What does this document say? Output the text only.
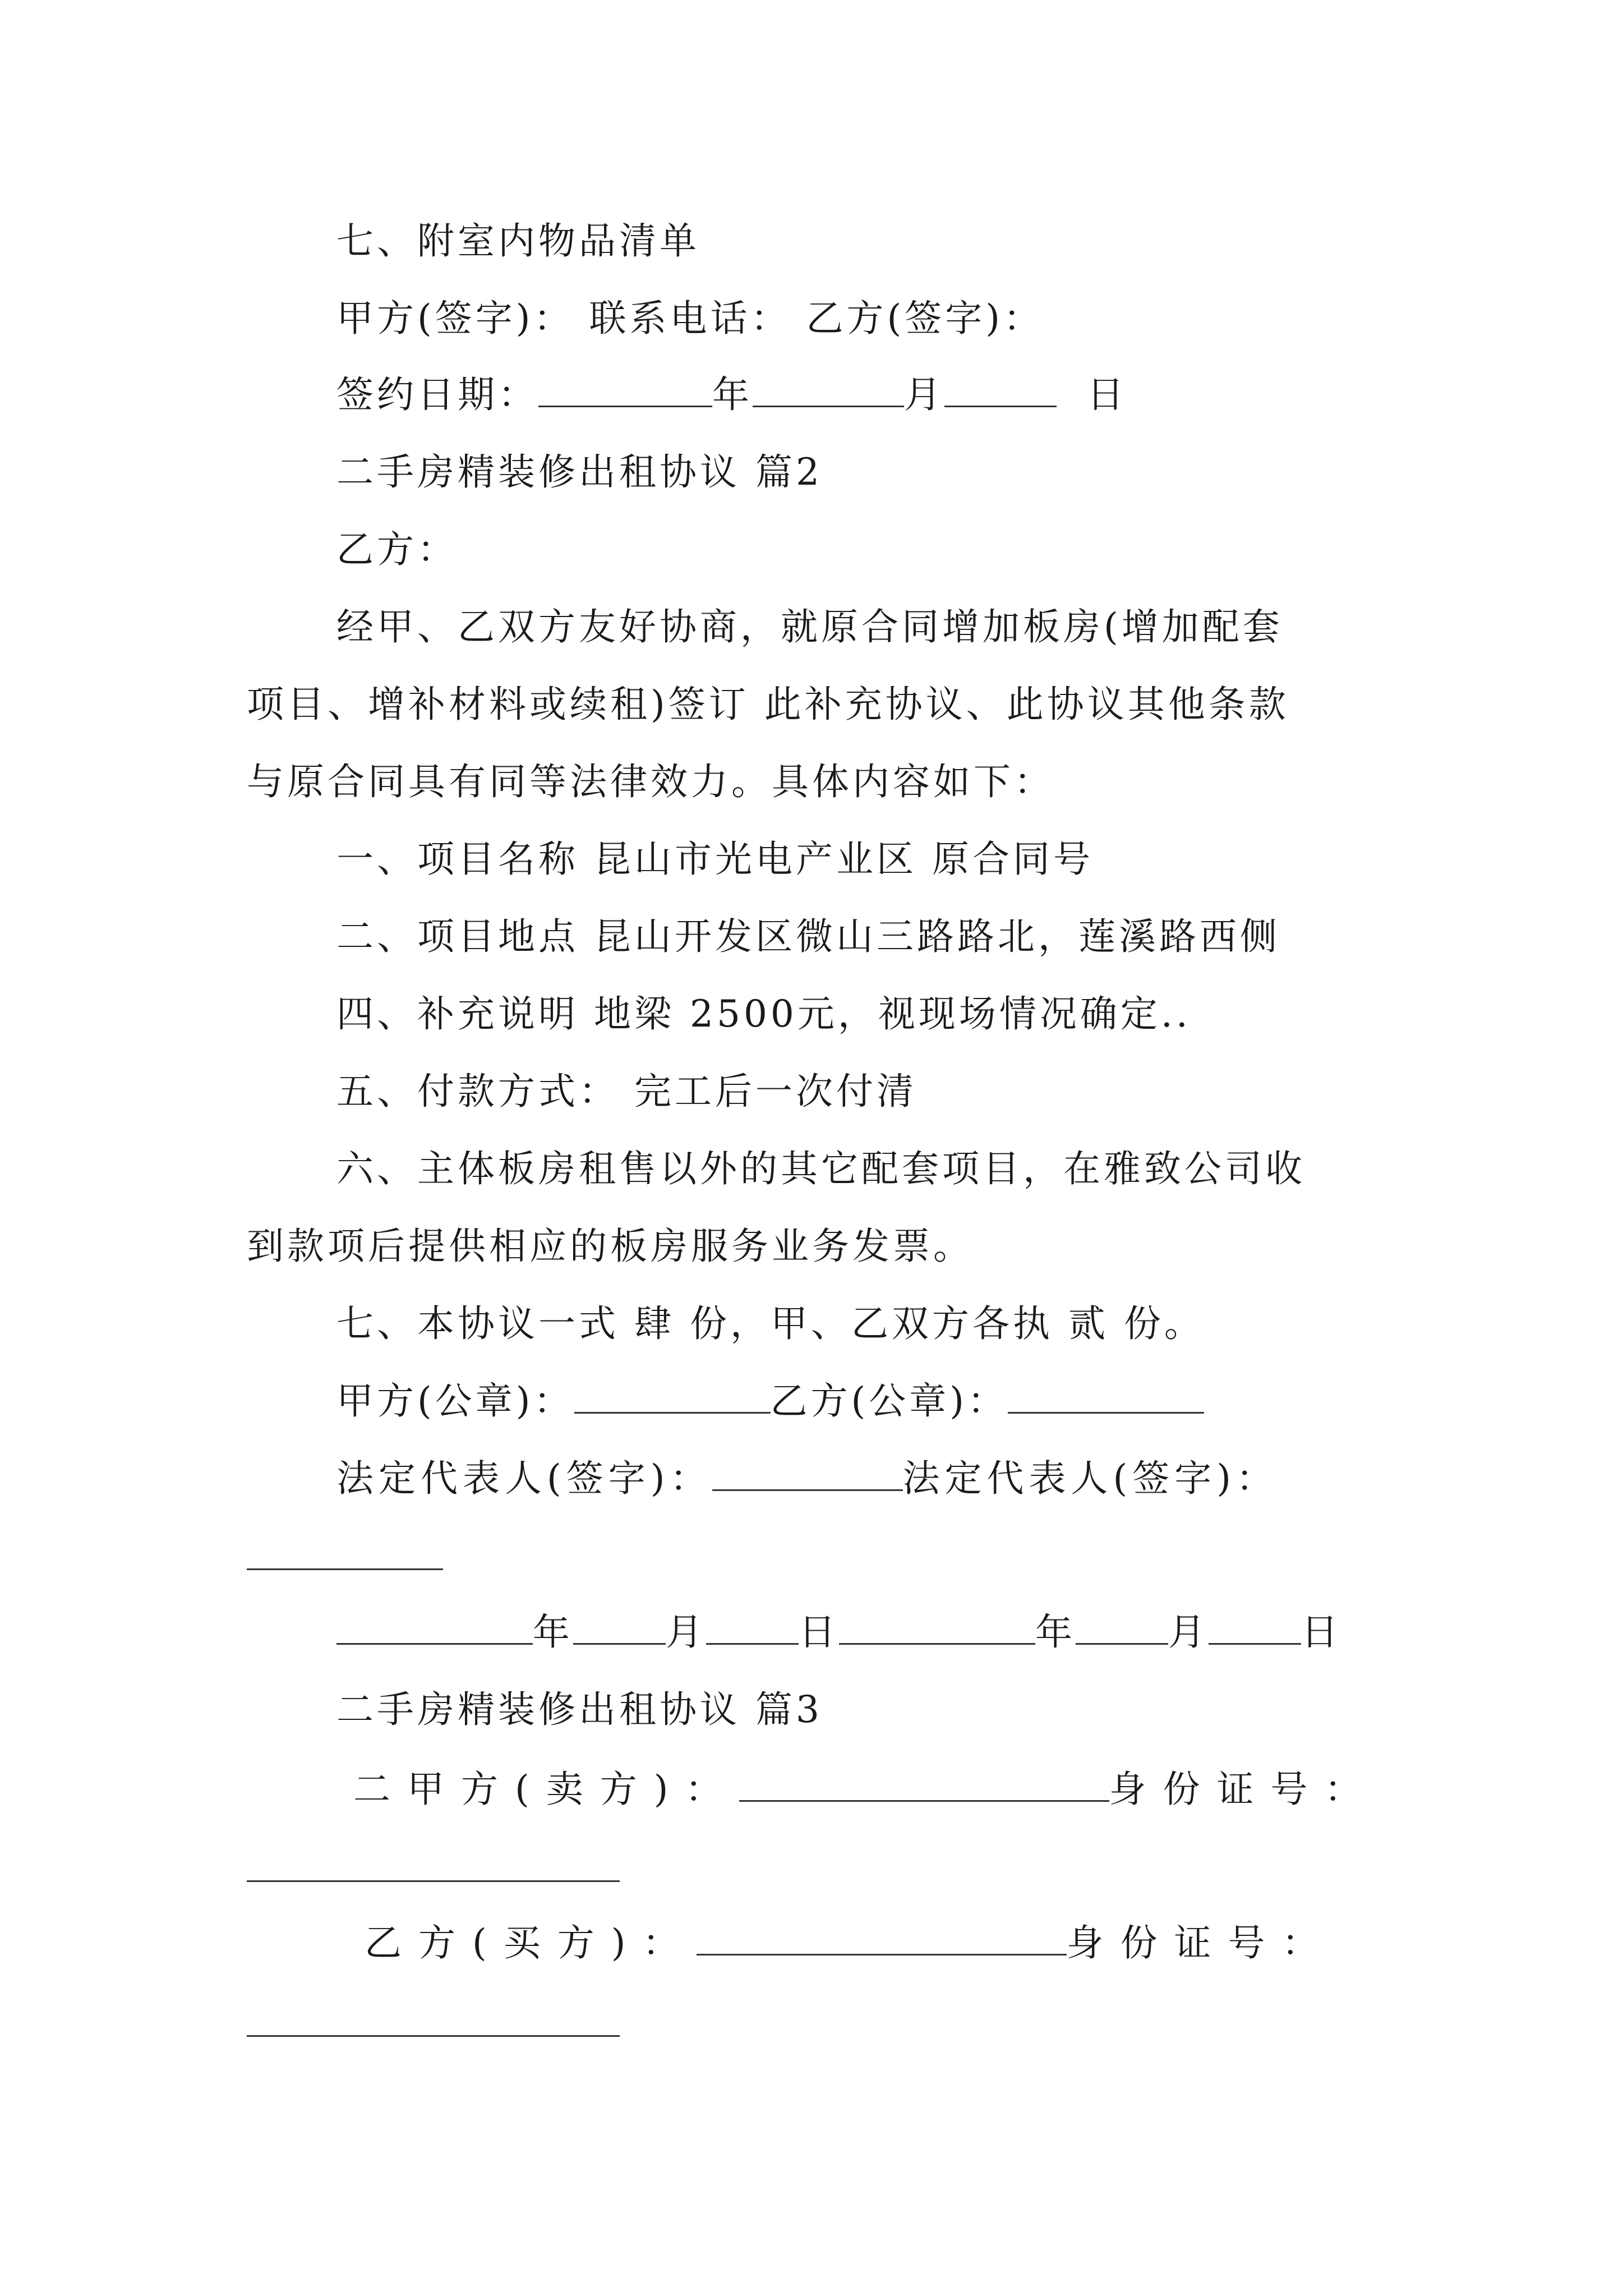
七、附室内物品清单
甲方(签字)： 联系电话： 乙方(签字)：
签约日期：	年	月	日
二手房精装修出租协议 篇2
乙方：
经甲、乙双方友好协商，就原合同增加板房(增加配套
项目、增补材料或续租)签订 此补充协议、此协议其他条款
与原合同具有同等法律效力。具体内容如下：
一、项目名称 昆山市光电产业区 原合同号
二、项目地点 昆山开发区微山三路路北，莲溪路西侧
四、补充说明 地梁 2500元，视现场情况确定..
五、付款方式： 完工后一次付清
六、主体板房租售以外的其它配套项目，在雅致公司收
到款项后提供相应的板房服务业务发票。
七、本协议一式 肆 份，甲、乙双方各执 贰 份。
甲方(公章)：	乙方(公章)：
法定代表人(签字)：	法定代表人(签字)：
年	月	日	年	月	日
二手房精装修出租协议 篇3
二甲方(卖方)：	身份证号：
乙方(买方)：	身份证号：
